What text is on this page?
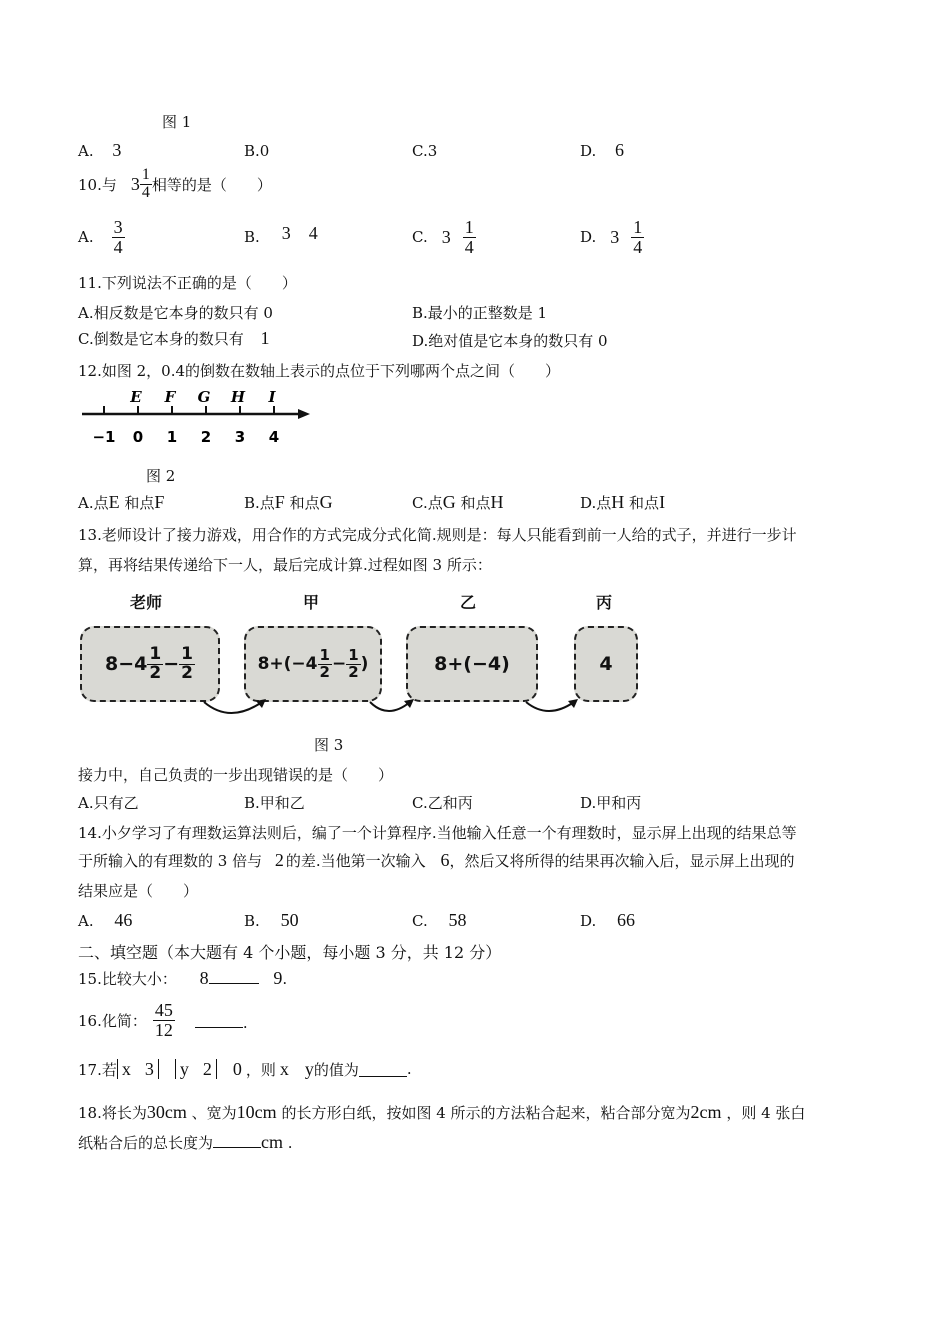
图 1
A. 3	B.0	C.3	D. 6
10.与 $3 \frac{1}{4}$ 相等的是（　　）
A. $\frac{3}{4}$	B. 3 4	C. $3 \frac{1}{4}$	D. $3 \frac{1}{4}$
11.下列说法不正确的是（　　）
A.相反数是它本身的数只有 0	B.最小的正整数是 1
C.倒数是它本身的数只有 1	D.绝对值是它本身的数只有 0
12.如图 2，0.4的倒数在数轴上表示的点位于下列哪两个点之间（　　）
E F G H I
−1 0 1 2 3 4
图 2
A.点E 和点F	B.点F 和点G	C.点G 和点H	D.点H 和点I
13.老师设计了接力游戏，用合作的方式完成分式化简.规则是：每人只能看到前一人给的式子，并进行一步计
算，再将结果传递给下一人，最后完成计算.过程如图 3 所示：
老师	甲	乙	丙
$8-4 \frac{1}{2} - \frac{1}{2}$	$8+(-4 \frac{1}{2} - \frac{1}{2}$ )	8+(−4)	4
图 3
接力中，自己负责的一步出现错误的是（　　）
A.只有乙	B.甲和乙	C.乙和丙	D.甲和丙
14.小夕学习了有理数运算法则后，编了一个计算程序.当他输入任意一个有理数时，显示屏上出现的结果总等
于所输入的有理数的 3 倍与 2 的差.当他第一次输入 6，然后又将所得的结果再次输入后，显示屏上出现的
结果应是（　　）
A. 46	B. 50	C. 58	D. 66
二、填空题（本大题有 4 个小题，每小题 3 分，共 12 分）
15.比较大小： 8	9.
16.化简： $\frac{45}{12}$	.
17.若 x 3 y 2 0 ，则 x y 的值为	.
18.将长为30cm 、宽为10cm 的长方形白纸，按如图 4 所示的方法粘合起来，粘合部分宽为2cm ，则 4 张白
纸粘合后的总长度为	cm .
